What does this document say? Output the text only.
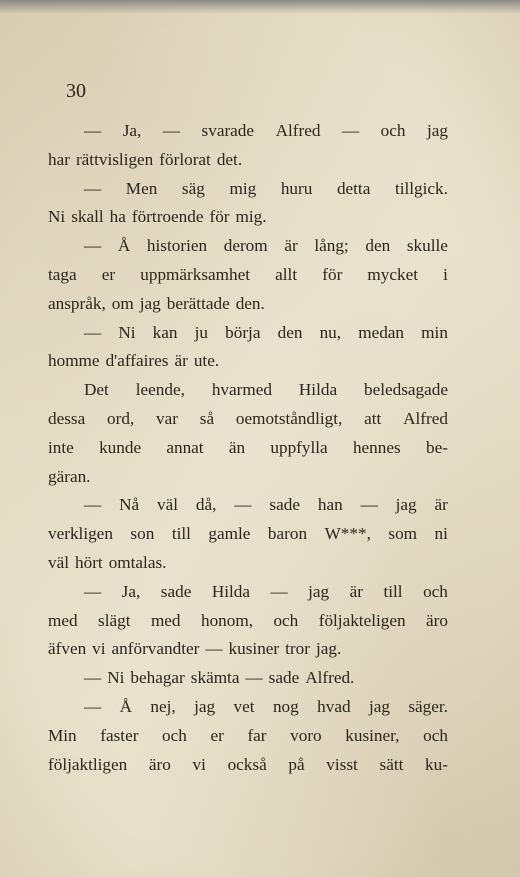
30
— Ja, — svarade Alfred — och jag
har rättvisligen förlorat det.
— Men säg mig huru detta tillgick.
Ni skall ha förtroende för mig.
— Å historien derom är lång; den skulle
taga er uppmärksamhet allt för mycket i
anspråk, om jag berättade den.
— Ni kan ju börja den nu, medan min
homme d'affaires är ute.
Det leende, hvarmed Hilda beledsagade
dessa ord, var så oemotståndligt, att Alfred
inte kunde annat än uppfylla hennes be-
gäran.
— Nå väl då, — sade han — jag är
verkligen son till gamle baron W***, som ni
väl hört omtalas.
— Ja, sade Hilda — jag är till och
med slägt med honom, och följakteligen äro
äfven vi anförvandter — kusiner tror jag.
— Ni behagar skämta — sade Alfred.
— Å nej, jag vet nog hvad jag säger.
Min faster och er far voro kusiner, och
följaktligen äro vi också på visst sätt ku-
